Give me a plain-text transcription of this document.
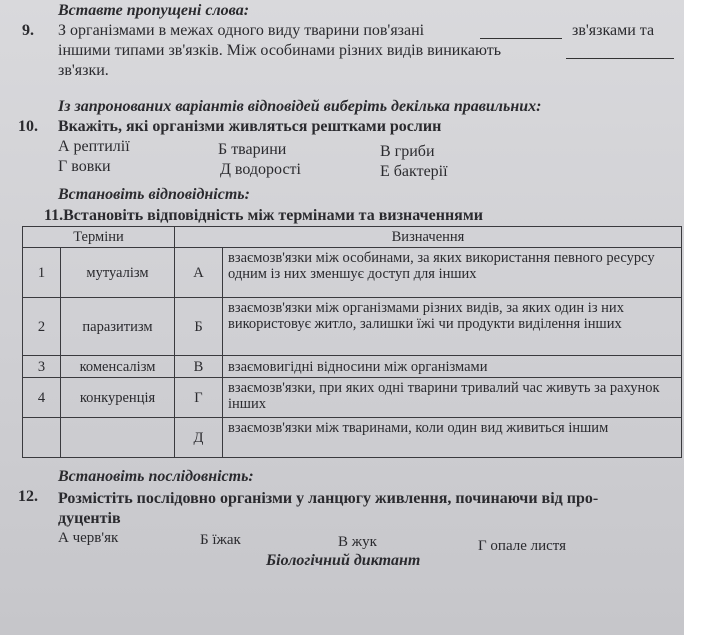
Вставте пропущені слова:
9. З організмами в межах одного виду тварини пов'язані	зв'язками та
іншими типами зв'язків. Між особинами різних видів виникають
зв'язки.
Із запронованих варіантів відповідей виберіть декілька правильних:
10. Вкажіть, які організми живляться рештками рослин
А рептилії	Б тварини	В гриби
Г вовки	Д водорості	Е бактерії
Встановіть відповідність:
11.Встановіть відповідність між термінами та визначеннями
Терміни		Визначення	
1	мутуалізм	А	взаємозв'язки між особинами, за яких використання певного ресурсу одним із них зменшує доступ для інших
2	паразитизм	Б	взаємозв'язки між організмами різних видів, за яких один із них використовує житло, залишки їжі чи продукти виділення інших
3	коменсалізм	В	взаємовигідні відносини між організмами
4	конкуренція	Г	взаємозв'язки, при яких одні тварини тривалий час живуть за рахунок інших
		Д	взаємозв'язки між тваринами, коли один вид живиться іншим
Встановіть послідовність:
12. Розмістіть послідовно організми у ланцюгу живлення, починаючи від про-
дуцентів
А черв'як	Б їжак	В жук	Г опале листя
Біологічний диктант
